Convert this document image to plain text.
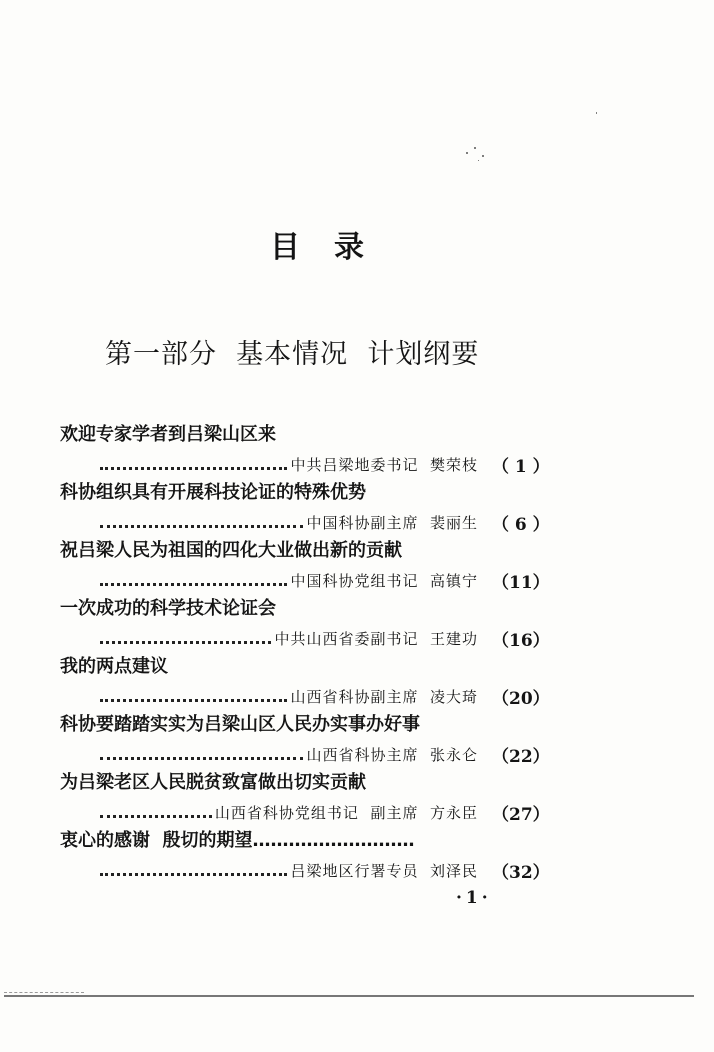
目录
第一部分  基本情况  计划纲要
欢迎专家学者到吕梁山区来
中共吕梁地委书记  樊荣枝 （ 1 ）
科协组织具有开展科技论证的特殊优势
中国科协副主席  裴丽生 （ 6 ）
祝吕梁人民为祖国的四化大业做出新的贡献
中国科协党组书记  高镇宁 （11）
一次成功的科学技术论证会
中共山西省委副书记  王建功 （16）
我的两点建议
山西省科协副主席  凌大琦 （20）
科协要踏踏实实为吕梁山区人民办实事办好事
山西省科协主席  张永仑 （22）
为吕梁老区人民脱贫致富做出切实贡献
山西省科协党组书记  副主席  方永臣 （27）
衷心的感谢  殷切的期望………………………
吕梁地区行署专员  刘泽民 （32）
·1·
